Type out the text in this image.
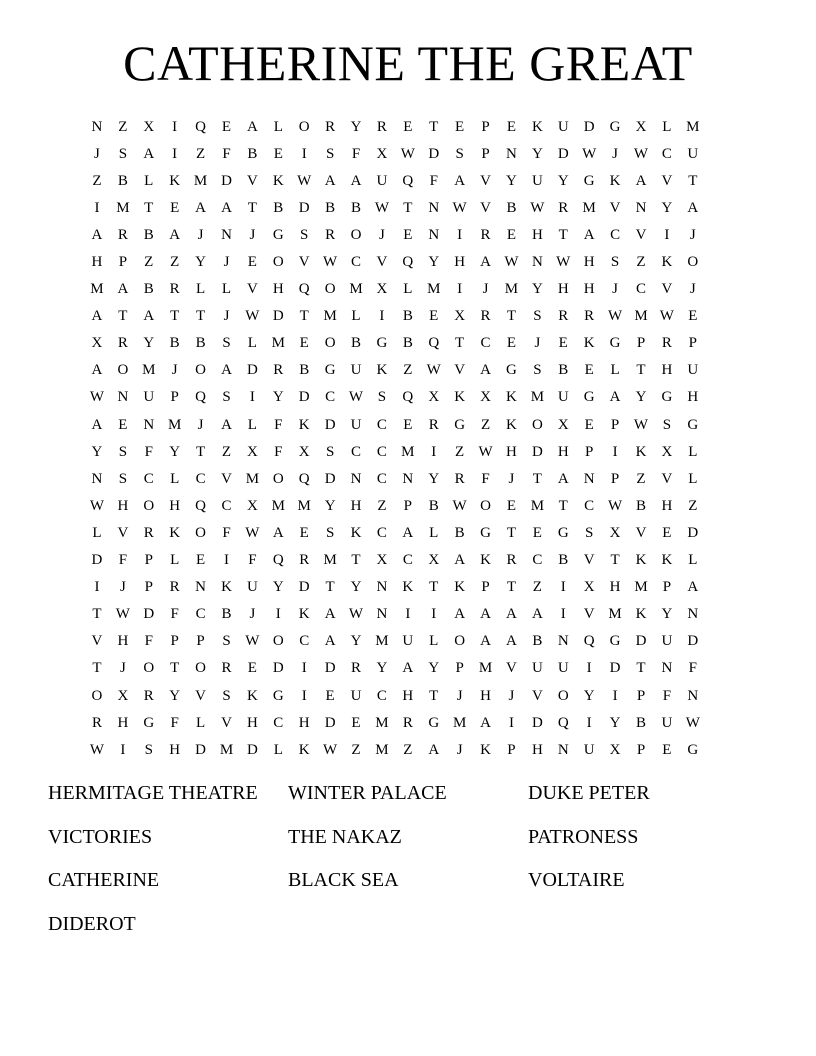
CATHERINE THE GREAT
N	Z	X	I	Q	E	A	L	O	R	Y	R	E	T	E	P	E	K	U	D	G	X	L M
J	S	A	I	Z	F	B	E	I	S	F	X W D	S	P	N	Y	D W	J	W C	U
Z	B	L	K M D	V	K W A	A	U	Q	F	A	V	Y	U	Y	G	K	A	V	T
I	M T	E	A	A	T	B	D	B	B W T	N W V	B W R M V	N	Y	A
A	R	B	A	J	N	J	G	S	R	O	J	E	N	I	R	E	H	T	A	C	V	I	J
H	P	Z	Z	Y	J	E	O	V W C	V	Q	Y	H	A W N W H	S	Z	K	O
M A	B	R	L	L	V	H	Q	O M X	L M	I	J	M Y	H	H	J	C	V	J
A	T	A	T	T	J	W D	T M L	I	B	E	X	R	T	S	R	R W M W E
X	R	Y	B	B	S	L M E	O	B	G	B	Q	T	C	E	J	E	K	G	P	R	P
A	O M	J	O	A	D	R	B	G	U	K	Z W V	A	G	S	B	E	L	T	H	U
W N	U	P	Q	S	I	Y	D	C W S	Q	X	K	X	K M U	G	A	Y	G	H
A	E	N M	J	A	L	F	K	D	U	C	E	R	G	Z	K	O	X	E	P W S	G
Y	S	F	Y	T	Z	X	F	X	S	C	C M	I	Z W H	D	H	P	I	K	X	L
N	S	C	L	C	V M O	Q	D	N	C	N	Y	R	F	J	T	A	N	P	Z	V	L
W H	O	H	Q	C	X M M Y	H	Z	P	B W O	E M T	C W B	H	Z
L	V	R	K	O	F W A	E	S	K	C	A	L	B	G	T	E	G	S	X	V	E	D
D	F	P	L	E	I	F	Q	R M T	X	C	X	A	K	R	C	B	V	T	K	K	L
I	J	P	R	N	K	U	Y	D	T	Y	N	K	T	K	P	T	Z	I	X	H M	P	A
T W D	F	C	B	J	I	K	A W N	I	I	A	A	A	A	I	V M K	Y	N
V	H	F	P	P	S W O	C	A	Y M U	L	O	A	A	B	N	Q	G	D	U	D
T	J	O	T	O	R	E	D	I	D	R	Y	A	Y	P	M V	U	U	I	D	T	N	F
O	X	R	Y	V	S	K	G	I	E	U	C	H	T	J	H	J	V	O	Y	I	P	F	N
R	H	G	F	L	V	H	C	H	D	E M R	G M A	I	D	Q	I	Y	B	U W
W	I	S	H	D M D	L	K W Z M Z	A	J	K	P	H	N	U	X	P	E	G
HERMITAGE THEATRE	WINTER PALACE	DUKE PETER
VICTORIES	THE NAKAZ	PATRONESS
CATHERINE	BLACK SEA	VOLTAIRE
DIDEROT
